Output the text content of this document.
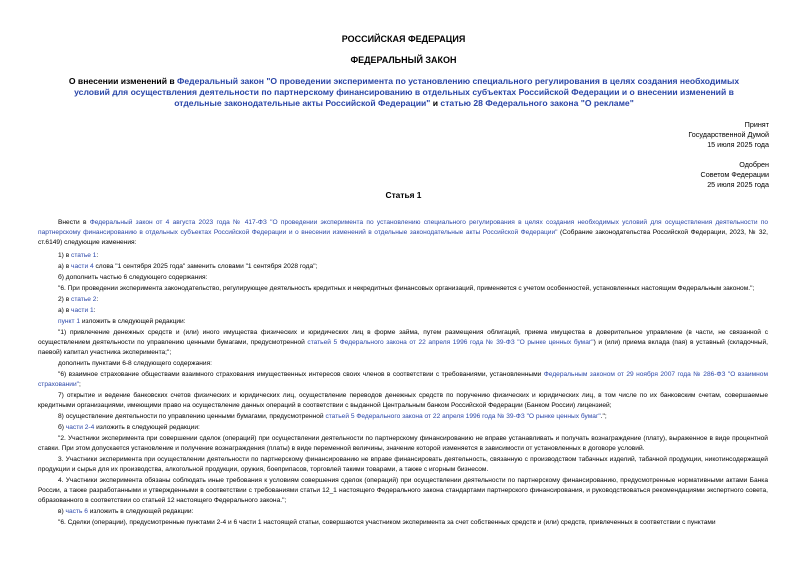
РОССИЙСКАЯ ФЕДЕРАЦИЯ
ФЕДЕРАЛЬНЫЙ ЗАКОН
О внесении изменений в Федеральный закон "О проведении эксперимента по установлению специального регулирования в целях создания необходимых условий для осуществления деятельности по партнерскому финансированию в отдельных субъектах Российской Федерации и о внесении изменений в отдельные законодательные акты Российской Федерации" и статью 28 Федерального закона "О рекламе"
Принят
Государственной Думой
15 июля 2025 года
Одобрен
Советом Федерации
25 июля 2025 года
Статья 1

Внести в Федеральный закон от 4 августа 2023 года № 417-ФЗ "О проведении эксперимента по установлению специального регулирования в целях создания необходимых условий для осуществления деятельности по партнерскому финансированию в отдельных субъектах Российской Федерации и о внесении изменений в отдельные законодательные акты Российской Федерации" (Собрание законодательства Российской Федерации, 2023, № 32, ст.6149) следующие изменения:

1) в статье 1:

а) в части 4 слова "1 сентября 2025 года" заменить словами "1 сентября 2028 года";

б) дополнить частью 6 следующего содержания:

"6. При проведении эксперимента законодательство, регулирующее деятельность кредитных и некредитных финансовых организаций, применяется с учетом особенностей, установленных настоящим Федеральным законом.";

2) в статье 2:

а) в части 1:

пункт 1 изложить в следующей редакции:

"1) привлечение денежных средств и (или) иного имущества физических и юридических лиц в форме займа, путем размещения облигаций, приема имущества в доверительное управление (в части, не связанной с осуществлением деятельности по управлению ценными бумагами, предусмотренной статьей 5 Федерального закона от 22 апреля 1996 года № 39-ФЗ "О рынке ценных бумаг") и (или) приема вклада (пая) в уставный (складочный, паевой) капитал участника эксперимента;";

дополнить пунктами 6-8 следующего содержания:

"6) взаимное страхование обществами взаимного страхования имущественных интересов своих членов в соответствии с требованиями, установленными Федеральным законом от 29 ноября 2007 года № 286-ФЗ "О взаимном страховании";

7) открытие и ведение банковских счетов физических и юридических лиц, осуществление переводов денежных средств по поручению физических и юридических лиц, в том числе по их банковским счетам, совершаемые кредитными организациями, имеющими право на осуществление данных операций в соответствии с выданной Центральным банком Российской Федерации (Банком России) лицензией;

8) осуществление деятельности по управлению ценными бумагами, предусмотренной статьей 5 Федерального закона от 22 апреля 1996 года № 39-ФЗ "О рынке ценных бумаг".";

б) части 2-4 изложить в следующей редакции:

"2. Участники эксперимента при совершении сделок (операций) при осуществлении деятельности по партнерскому финансированию не вправе устанавливать и получать вознаграждение (плату), выраженное в виде процентной ставки. При этом допускается установление и получение вознаграждения (платы) в виде переменной величины, значение которой изменяется в зависимости от установленных в договоре условий.

3. Участники эксперимента при осуществлении деятельности по партнерскому финансированию не вправе финансировать деятельность, связанную с производством табачных изделий, табачной продукции, никотинсодержащей продукции и сырья для их производства, алкогольной продукции, оружия, боеприпасов, торговлей такими товарами, а также с игорным бизнесом.

4. Участники эксперимента обязаны соблюдать иные требования к условиям совершения сделок (операций) при осуществлении деятельности по партнерскому финансированию, предусмотренные нормативными актами Банка России, а также разработанными и утвержденными в соответствии с требованиями статьи 12_1 настоящего Федерального закона стандартами партнерского финансирования, и руководствоваться рекомендациями экспертного совета, образованного в соответствии со статьей 12 настоящего Федерального закона.";

в) часть 6 изложить в следующей редакции:

"6. Сделки (операции), предусмотренные пунктами 2-4 и 6 части 1 настоящей статьи, совершаются участником эксперимента за счет собственных средств и (или) средств, привлеченных в соответствии с пунктами
